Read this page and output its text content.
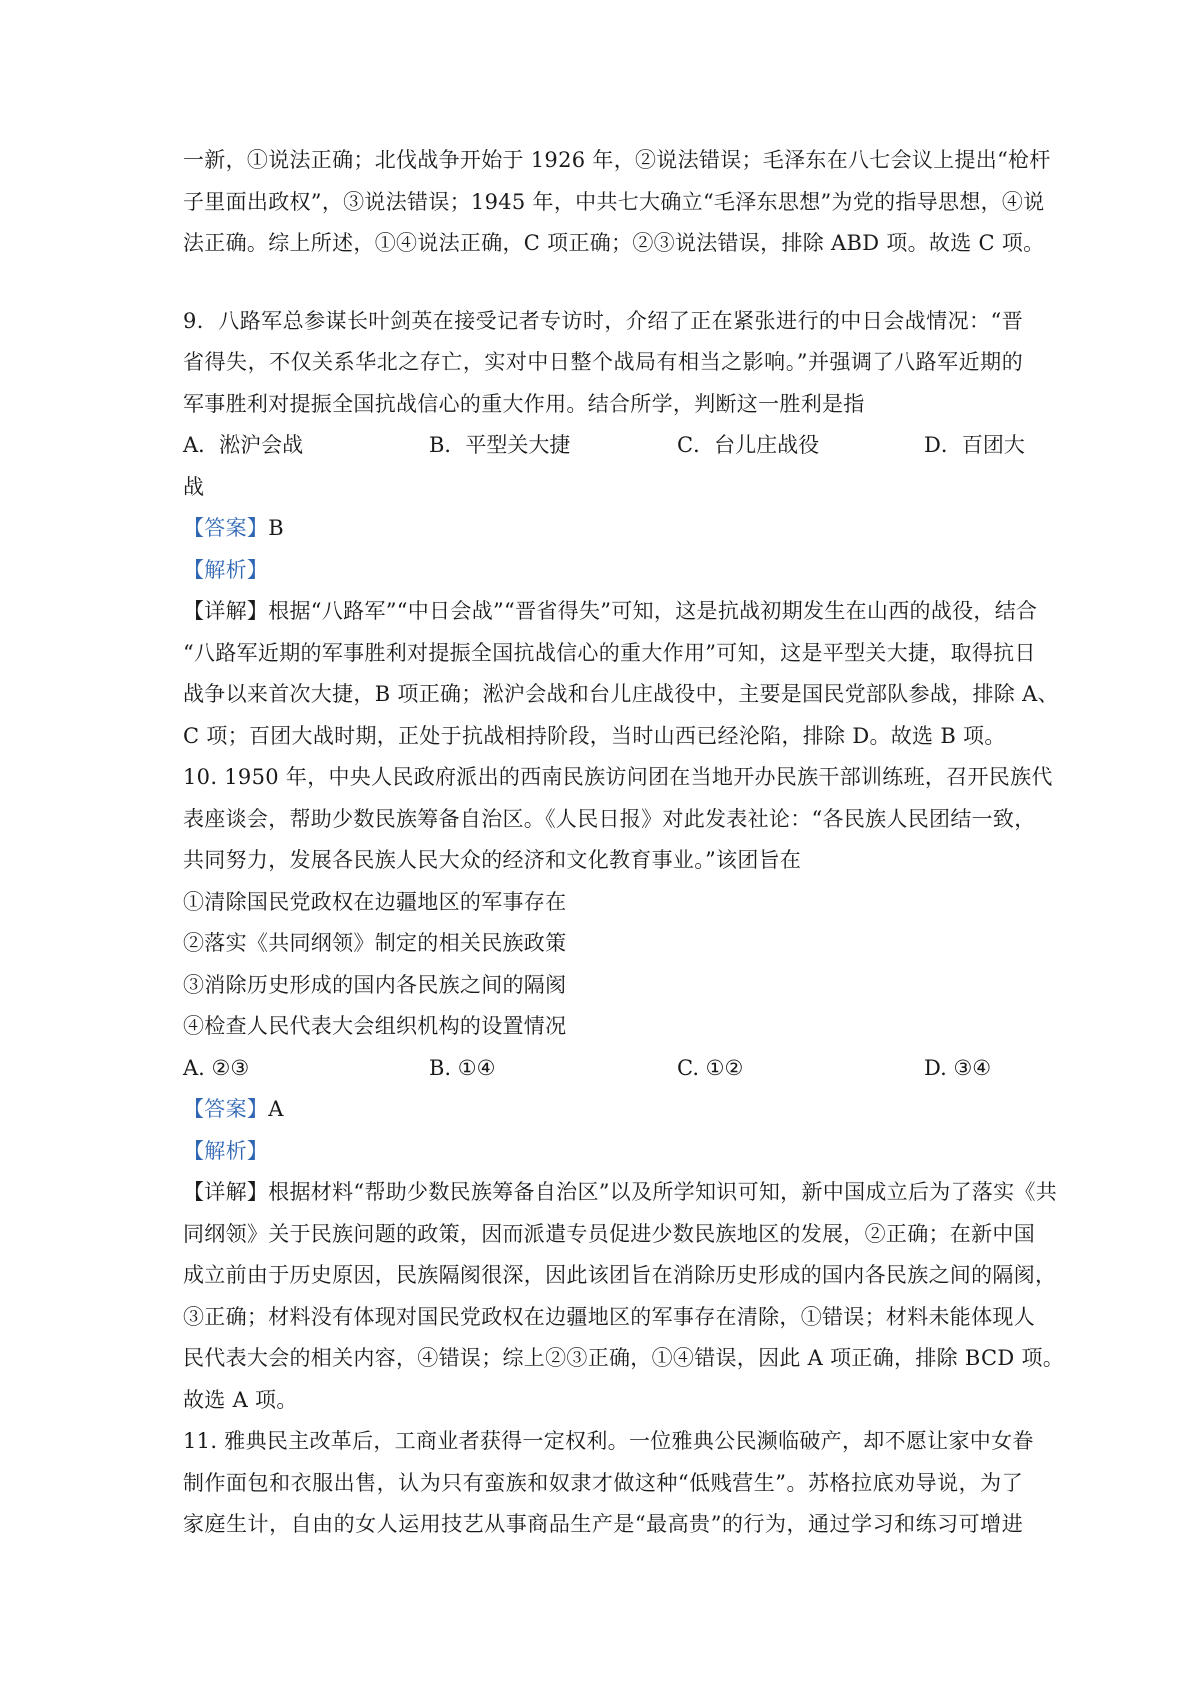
一新，①说法正确；北伐战争开始于 1926 年，②说法错误；毛泽东在八七会议上提出“枪杆
子里面出政权”，③说法错误；1945 年，中共七大确立“毛泽东思想”为党的指导思想，④说
法正确。综上所述，①④说法正确，C 项正确；②③说法错误，排除 ABD 项。故选 C 项。
9．八路军总参谋长叶剑英在接受记者专访时，介绍了正在紧张进行的中日会战情况：“晋
省得失，不仅关系华北之存亡，实对中日整个战局有相当之影响。”并强调了八路军近期的
军事胜利对提振全国抗战信心的重大作用。结合所学，判断这一胜利是指
A．淞沪会战	B．平型关大捷	C．台儿庄战役	D．百团大
战
【答案】B
【解析】
【详解】根据“八路军”“中日会战”“晋省得失”可知，这是抗战初期发生在山西的战役，结合
“八路军近期的军事胜利对提振全国抗战信心的重大作用”可知，这是平型关大捷，取得抗日
战争以来首次大捷，B 项正确；淞沪会战和台儿庄战役中，主要是国民党部队参战，排除 A、
C 项；百团大战时期，正处于抗战相持阶段，当时山西已经沦陷，排除 D。故选 B 项。
10. 1950 年，中央人民政府派出的西南民族访问团在当地开办民族干部训练班，召开民族代
表座谈会，帮助少数民族筹备自治区。《人民日报》对此发表社论：“各民族人民团结一致，
共同努力，发展各民族人民大众的经济和文化教育事业。”该团旨在
①清除国民党政权在边疆地区的军事存在
②落实《共同纲领》制定的相关民族政策
③消除历史形成的国内各民族之间的隔阂
④检查人民代表大会组织机构的设置情况
A. ②③	B. ①④	C. ①②	D. ③④
【答案】A
【解析】
【详解】根据材料“帮助少数民族筹备自治区”以及所学知识可知，新中国成立后为了落实《共
同纲领》关于民族问题的政策，因而派遣专员促进少数民族地区的发展，②正确；在新中国
成立前由于历史原因，民族隔阂很深，因此该团旨在消除历史形成的国内各民族之间的隔阂，
③正确；材料没有体现对国民党政权在边疆地区的军事存在清除，①错误；材料未能体现人
民代表大会的相关内容，④错误；综上②③正确，①④错误，因此 A 项正确，排除 BCD 项。
故选 A 项。
11. 雅典民主改革后，工商业者获得一定权利。一位雅典公民濒临破产，却不愿让家中女眷
制作面包和衣服出售，认为只有蛮族和奴隶才做这种“低贱营生”。苏格拉底劝导说，为了
家庭生计，自由的女人运用技艺从事商品生产是“最高贵”的行为，通过学习和练习可增进
